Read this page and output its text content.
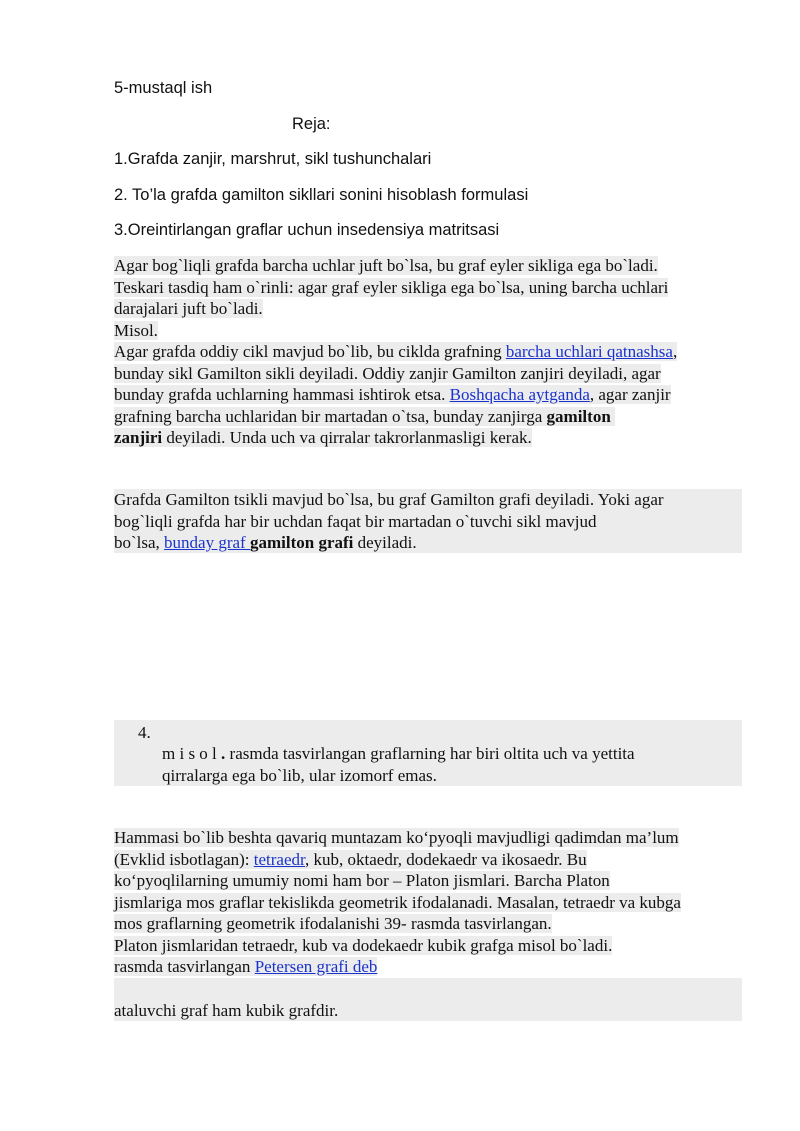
5-mustaql ish
Reja:
1.Grafda zanjir, marshrut, sikl tushunchalari
2. To’la grafda gamilton sikllari sonini hisoblash formulasi
3.Oreintirlangan graflar uchun insedensiya matritsasi
Agar bog`liqli grafda barcha uchlar juft bo`lsa, bu graf eyler sikliga ega bo`ladi.
Teskari tasdiq ham o`rinli: agar graf eyler sikliga ega bo`lsa, uning barcha uchlari
darajalari juft bo`ladi.
Misol.
Agar grafda oddiy cikl mavjud bo`lib, bu ciklda grafning barcha uchlari qatnashsa,
bunday sikl Gamilton sikli deyiladi. Oddiy zanjir Gamilton zanjiri deyiladi, agar
bunday grafda uchlarning hammasi ishtirok etsa. Boshqacha aytganda, agar zanjir
grafning barcha uchlaridan bir martadan o`tsa, bunday zanjirga gamilton
zanjiri deyiladi. Unda uch va qirralar takrorlanmasligi kerak.
Grafda Gamilton tsikli mavjud bo`lsa, bu graf Gamilton grafi deyiladi. Yoki agar
bog`liqli grafda har bir uchdan faqat bir martadan o`tuvchi sikl mavjud
bo`lsa, bunday graf gamilton grafi deyiladi.
4.
m i s o l . rasmda tasvirlangan graflarning har biri oltita uch va yettita
qirralarga ega bo`lib, ular izomorf emas.
Hammasi bo`lib beshta qavariq muntazam ko‘pyoqli mavjudligi qadimdan ma’lum
(Evklid isbotlagan): tetraedr, kub, oktaedr, dodekaedr va ikosaedr. Bu
ko‘pyoqlilarning umumiy nomi ham bor – Platon jismlari. Barcha Platon
jismlariga mos graflar tekislikda geometrik ifodalanadi. Masalan, tetraedr va kubga
mos graflarning geometrik ifodalanishi 39- rasmda tasvirlangan.
Platon jismlaridan tetraedr, kub va dodekaedr kubik grafga misol bo`ladi.
rasmda tasvirlangan Petersen grafi deb
ataluvchi graf ham kubik grafdir.
